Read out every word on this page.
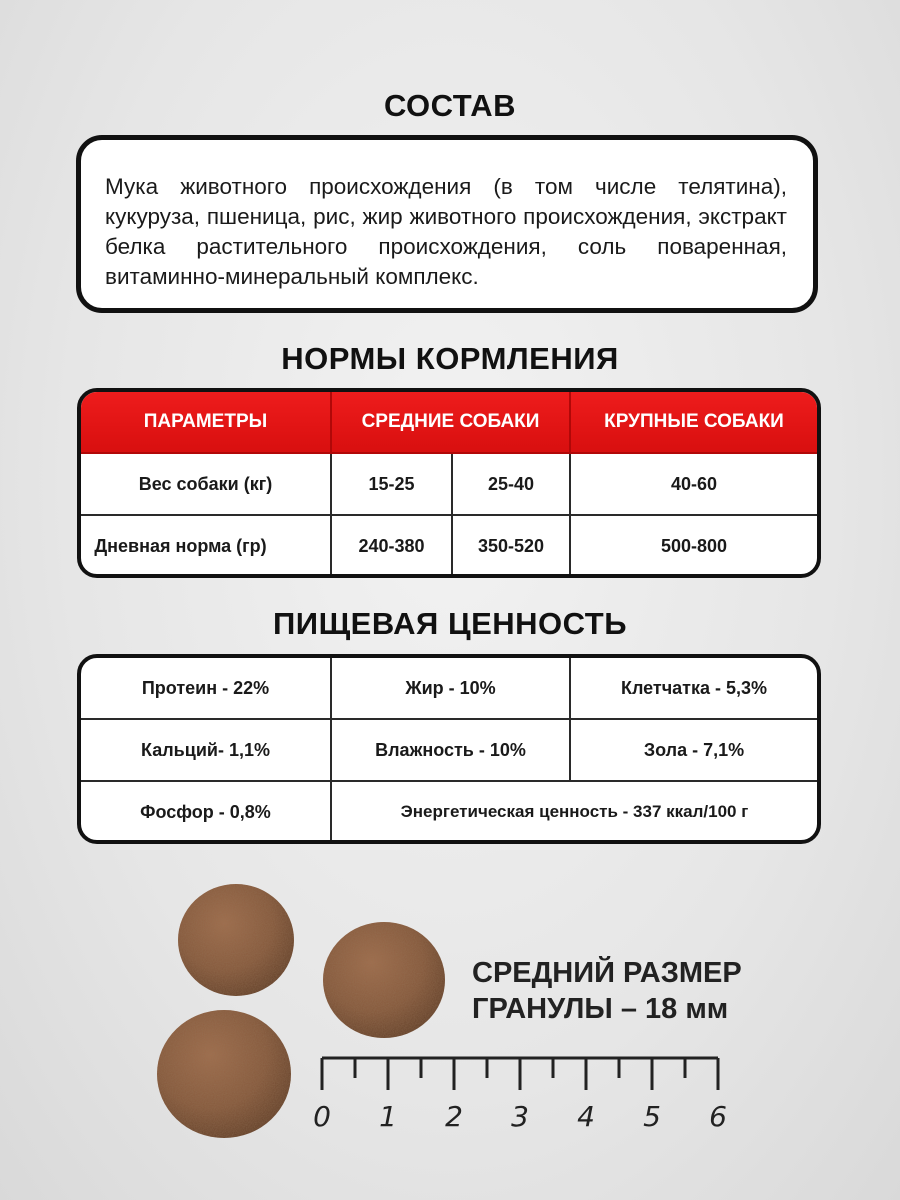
СОСТАВ
Мука животного происхождения (в том числе телятина), кукуруза, пшеница, рис, жир животного происхождения, экстракт белка растительного происхождения, соль поваренная, витаминно-минеральный комплекс.
НОРМЫ КОРМЛЕНИЯ
ПАРАМЕТРЫ	СРЕДНИЕ СОБАКИ		КРУПНЫЕ СОБАКИ
Вес собаки (кг)	15-25	25-40	40-60
Дневная норма (гр)	240-380	350-520	500-800
ПИЩЕВАЯ ЦЕННОСТЬ
Протеин - 22%	Жир - 10%	Клетчатка - 5,3%
Кальций- 1,1%	Влажность - 10%	Зола - 7,1%
Фосфор - 0,8%	Энергетическая ценность - 337 ккал/100 г	
СРЕДНИЙ РАЗМЕР
ГРАНУЛЫ – 18 мм
0 1 2 3 4 5 6
